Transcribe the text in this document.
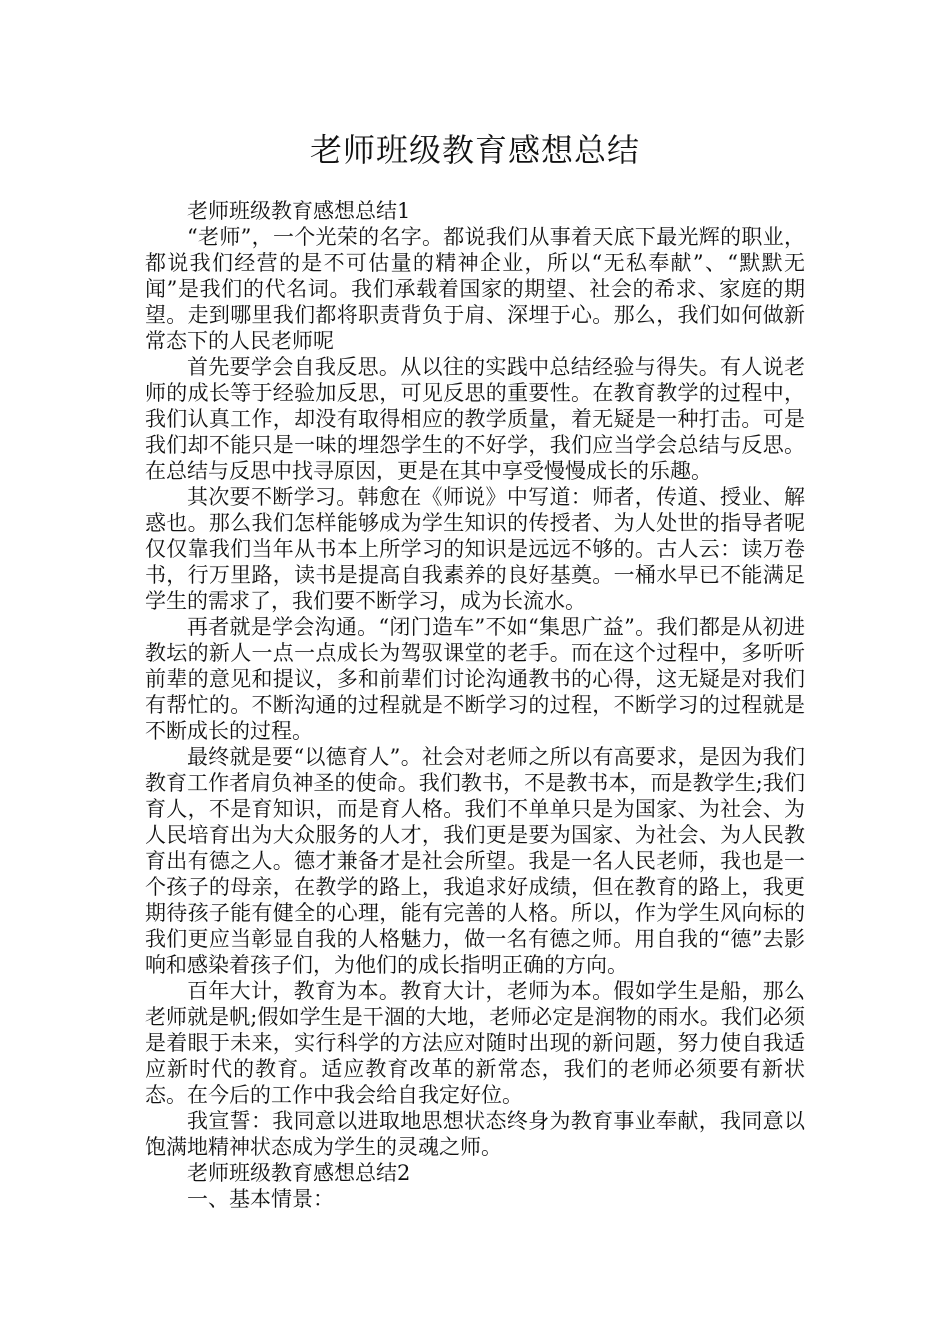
老师班级教育感想总结

老师班级教育感想总结1

“老师”，一个光荣的名字。都说我们从事着天底下最光辉的职业，都说我们经营的是不可估量的精神企业，所以“无私奉献”、“默默无闻”是我们的代名词。我们承载着国家的期望、社会的希求、家庭的期望。走到哪里我们都将职责背负于肩、深埋于心。那么，我们如何做新常态下的人民老师呢

首先要学会自我反思。从以往的实践中总结经验与得失。有人说老师的成长等于经验加反思，可见反思的重要性。在教育教学的过程中，我们认真工作，却没有取得相应的教学质量，着无疑是一种打击。可是我们却不能只是一味的埋怨学生的不好学，我们应当学会总结与反思。在总结与反思中找寻原因，更是在其中享受慢慢成长的乐趣。

其次要不断学习。韩愈在《师说》中写道：师者，传道、授业、解惑也。那么我们怎样能够成为学生知识的传授者、为人处世的指导者呢仅仅靠我们当年从书本上所学习的知识是远远不够的。古人云：读万卷书，行万里路，读书是提高自我素养的良好基奠。一桶水早已不能满足学生的需求了，我们要不断学习，成为长流水。

再者就是学会沟通。“闭门造车”不如“集思广益”。我们都是从初进教坛的新人一点一点成长为驾驭课堂的老手。而在这个过程中，多听听前辈的意见和提议，多和前辈们讨论沟通教书的心得，这无疑是对我们有帮忙的。不断沟通的过程就是不断学习的过程，不断学习的过程就是不断成长的过程。

最终就是要“以德育人”。社会对老师之所以有高要求，是因为我们教育工作者肩负神圣的使命。我们教书，不是教书本，而是教学生;我们育人，不是育知识，而是育人格。我们不单单只是为国家、为社会、为人民培育出为大众服务的人才，我们更是要为国家、为社会、为人民教育出有德之人。德才兼备才是社会所望。我是一名人民老师，我也是一个孩子的母亲，在教学的路上，我追求好成绩，但在教育的路上，我更期待孩子能有健全的心理，能有完善的人格。所以，作为学生风向标的我们更应当彰显自我的人格魅力，做一名有德之师。用自我的“德”去影响和感染着孩子们，为他们的成长指明正确的方向。

百年大计，教育为本。教育大计，老师为本。假如学生是船，那么老师就是帆;假如学生是干涸的大地，老师必定是润物的雨水。我们必须是着眼于未来，实行科学的方法应对随时出现的新问题，努力使自我适应新时代的教育。适应教育改革的新常态，我们的老师必须要有新状态。在今后的工作中我会给自我定好位。

我宣誓：我同意以进取地思想状态终身为教育事业奉献，我同意以饱满地精神状态成为学生的灵魂之师。

老师班级教育感想总结2

一、基本情景：
